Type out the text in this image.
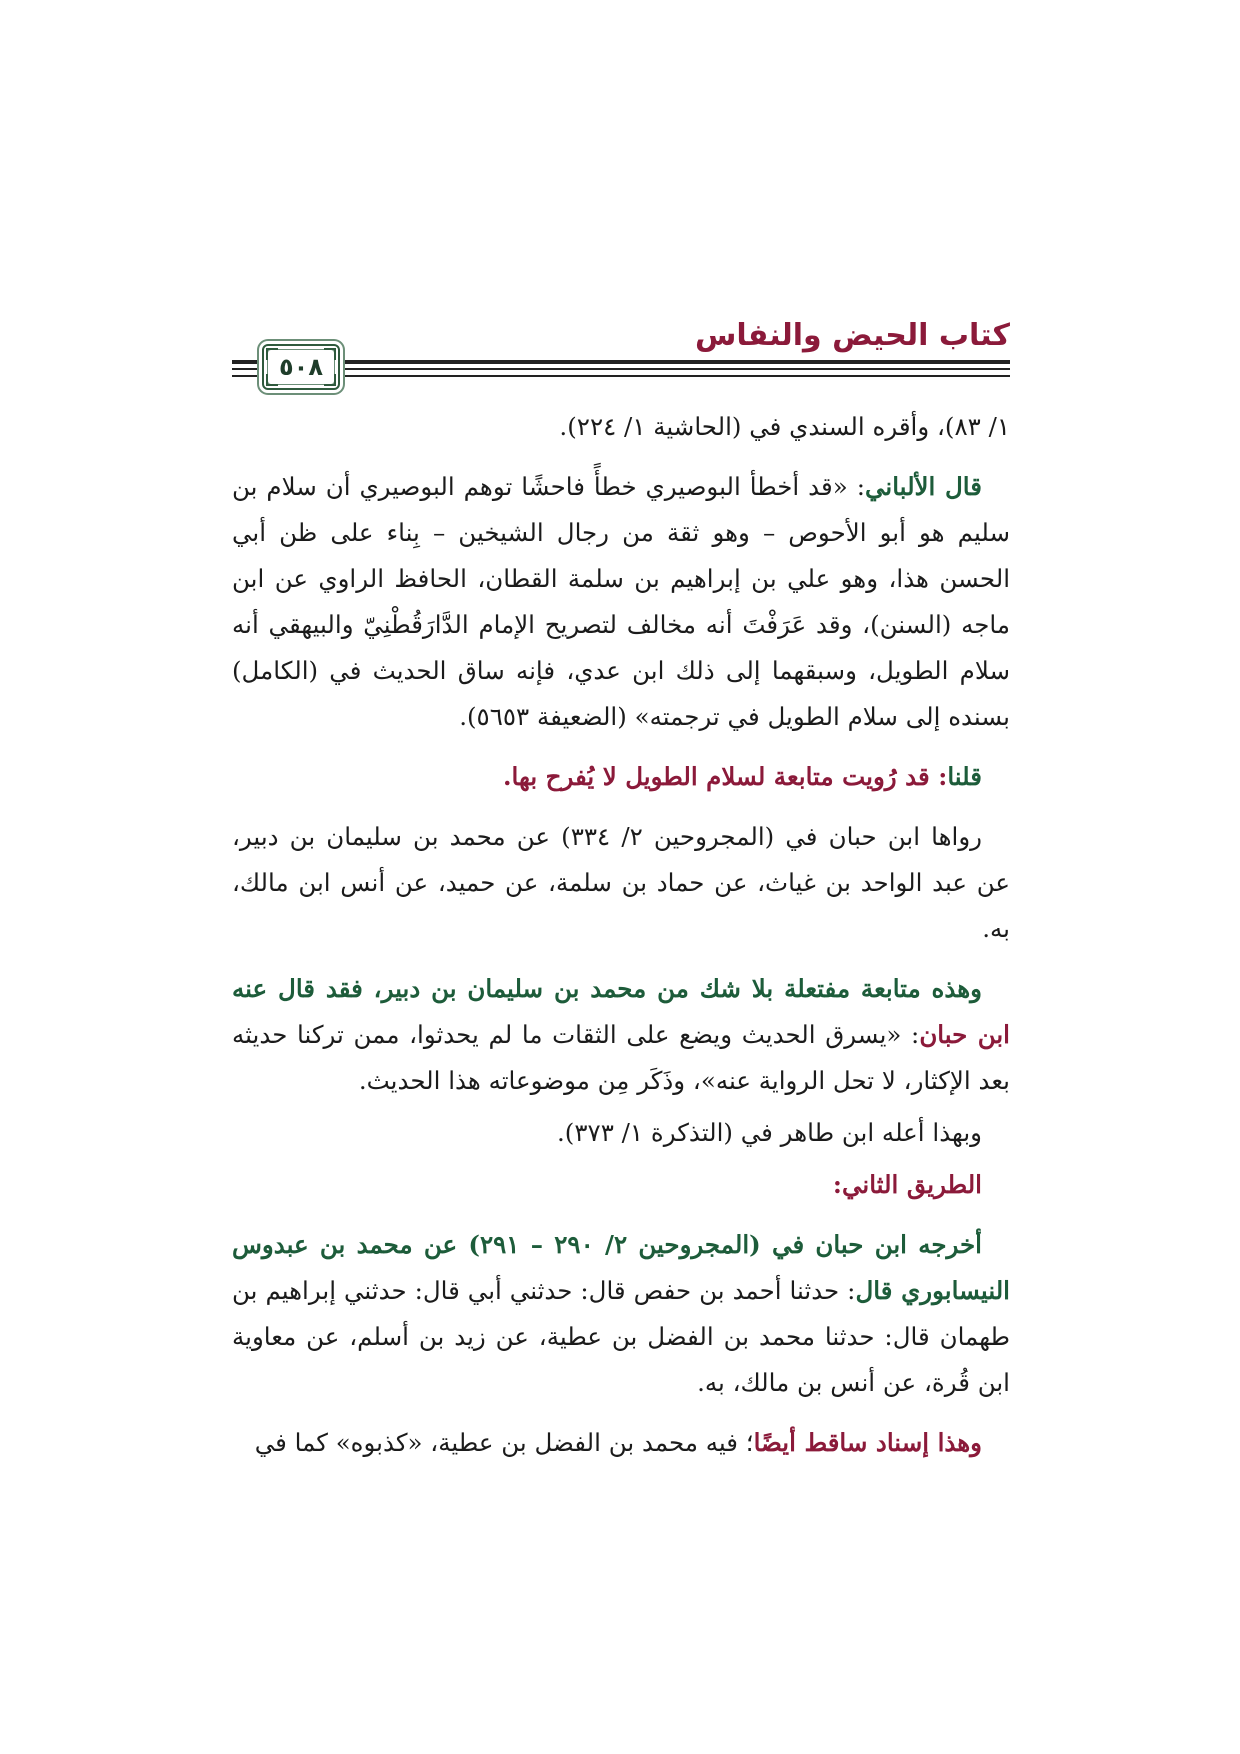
كتاب الحيض والنفاس
٥٠٨

١/ ٨٣)، وأقره السندي في (الحاشية ١/ ٢٢٤).

قال الألباني: «قد أخطأ البوصيري خطأً فاحشًا توهم البوصيري أن سلام بن سليم هو أبو الأحوص – وهو ثقة من رجال الشيخين – بِناء على ظن أبي الحسن هذا، وهو علي بن إبراهيم بن سلمة القطان، الحافظ الراوي عن ابن ماجه (السنن)، وقد عَرَفْتَ أنه مخالف لتصريح الإمام الدَّارَقُطْنِيّ والبيهقي أنه سلام الطويل، وسبقهما إلى ذلك ابن عدي، فإنه ساق الحديث في (الكامل) بسنده إلى سلام الطويل في ترجمته» (الضعيفة ٥٦٥٣).

قلنا: قد رُويت متابعة لسلام الطويل لا يُفرح بها.

رواها ابن حبان في (المجروحين ٢/ ٣٣٤) عن محمد بن سليمان بن دبير، عن عبد الواحد بن غياث، عن حماد بن سلمة، عن حميد، عن أنس ابن مالك، به.

وهذه متابعة مفتعلة بلا شك من محمد بن سليمان بن دبير، فقد قال عنه ابن حبان: «يسرق الحديث ويضع على الثقات ما لم يحدثوا، ممن تركنا حديثه بعد الإكثار، لا تحل الرواية عنه»، وذَكَر مِن موضوعاته هذا الحديث.

وبهذا أعله ابن طاهر في (التذكرة ١/ ٣٧٣).

الطريق الثاني:

أخرجه ابن حبان في (المجروحين ٢/ ٢٩٠ – ٢٩١) عن محمد بن عبدوس النيسابوري قال: حدثنا أحمد بن حفص قال: حدثني أبي قال: حدثني إبراهيم بن طهمان قال: حدثنا محمد بن الفضل بن عطية، عن زيد بن أسلم، عن معاوية ابن قُرة، عن أنس بن مالك، به.

وهذا إسناد ساقط أيضًا؛ فيه محمد بن الفضل بن عطية، «كذبوه» كما في
